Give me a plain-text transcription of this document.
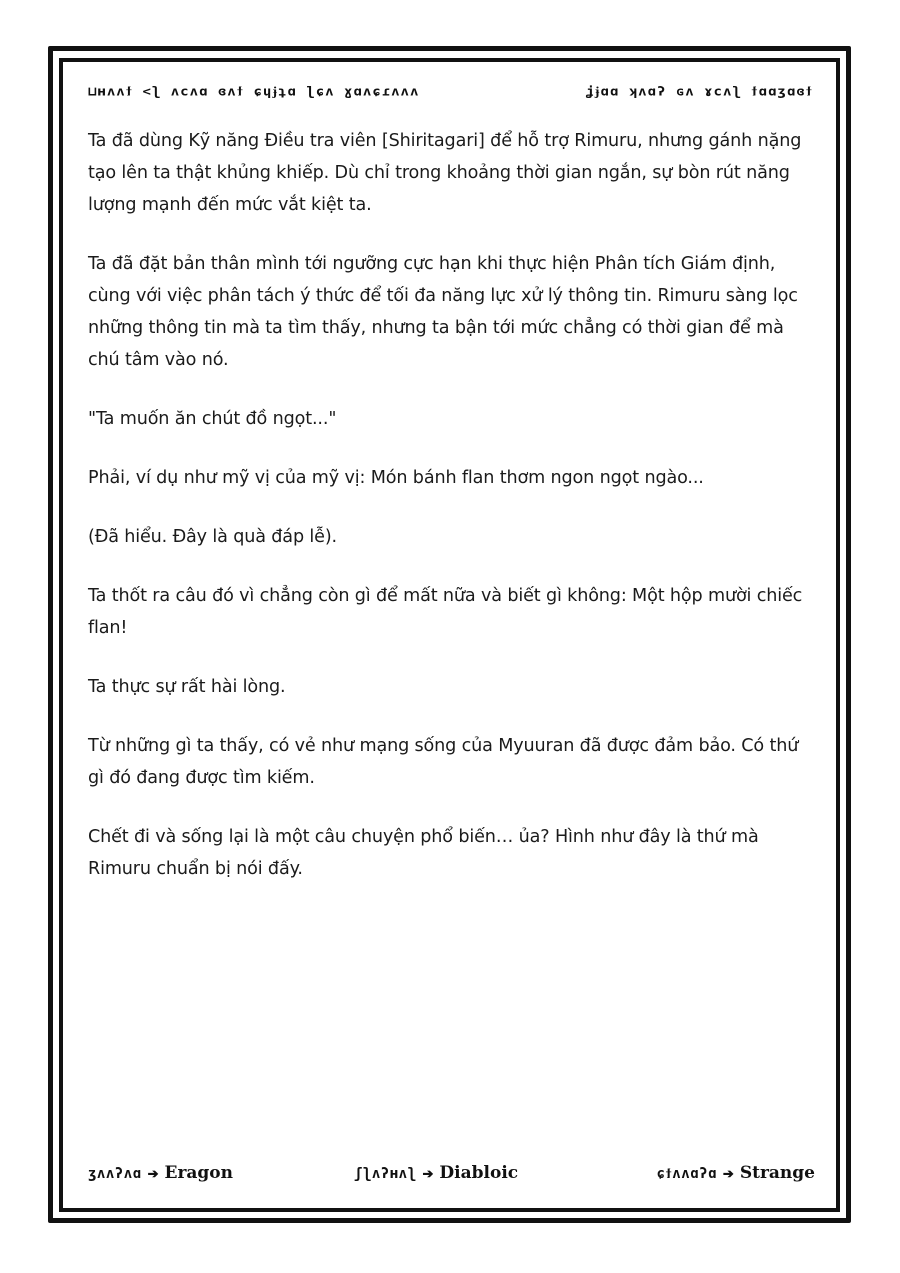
⊔ʜʌʌϯ <ʅ ʌcʌɑ ɞʌϯ ɕɥɉʇɑ ɭɕʌ ɣɑʌɕɾʌʌʌ	ʝɉɑɑ ʞʌɑʔ ɢʌ ɤcʌʅ ϯɑɑʒɑɞϯ

Ta đã dùng Kỹ năng Điều tra viên [Shiritagari] để hỗ trợ Rimuru, nhưng gánh nặng tạo lên ta thật khủng khiếp. Dù chỉ trong khoảng thời gian ngắn, sự bòn rút năng lượng mạnh đến mức vắt kiệt ta.

Ta đã đặt bản thân mình tới ngưỡng cực hạn khi thực hiện Phân tích Giám định, cùng với việc phân tách ý thức để tối đa năng lực xử lý thông tin. Rimuru sàng lọc những thông tin mà ta tìm thấy, nhưng ta bận tới mức chẳng có thời gian để mà chú tâm vào nó.

"Ta muốn ăn chút đồ ngọt..."

Phải, ví dụ như mỹ vị của mỹ vị: Món bánh flan thơm ngon ngọt ngào...

(Đã hiểu. Đây là quà đáp lễ).

Ta thốt ra câu đó vì chẳng còn gì để mất nữa và biết gì không: Một hộp mười chiếc flan!

Ta thực sự rất hài lòng.

Từ những gì ta thấy, có vẻ như mạng sống của Myuuran đã được đảm bảo. Có thứ gì đó đang được tìm kiếm.

Chết đi và sống lại là một câu chuyện phổ biến… ủa? Hình như đây là thứ mà Rimuru chuẩn bị nói đấy.

ʒʌʌʔʌɑ ➔ Eragon	ʃʅʌʔʜʌʅ ➔ Diabloic	ɕϯʌʌɑʔɑ ➔ Strange
